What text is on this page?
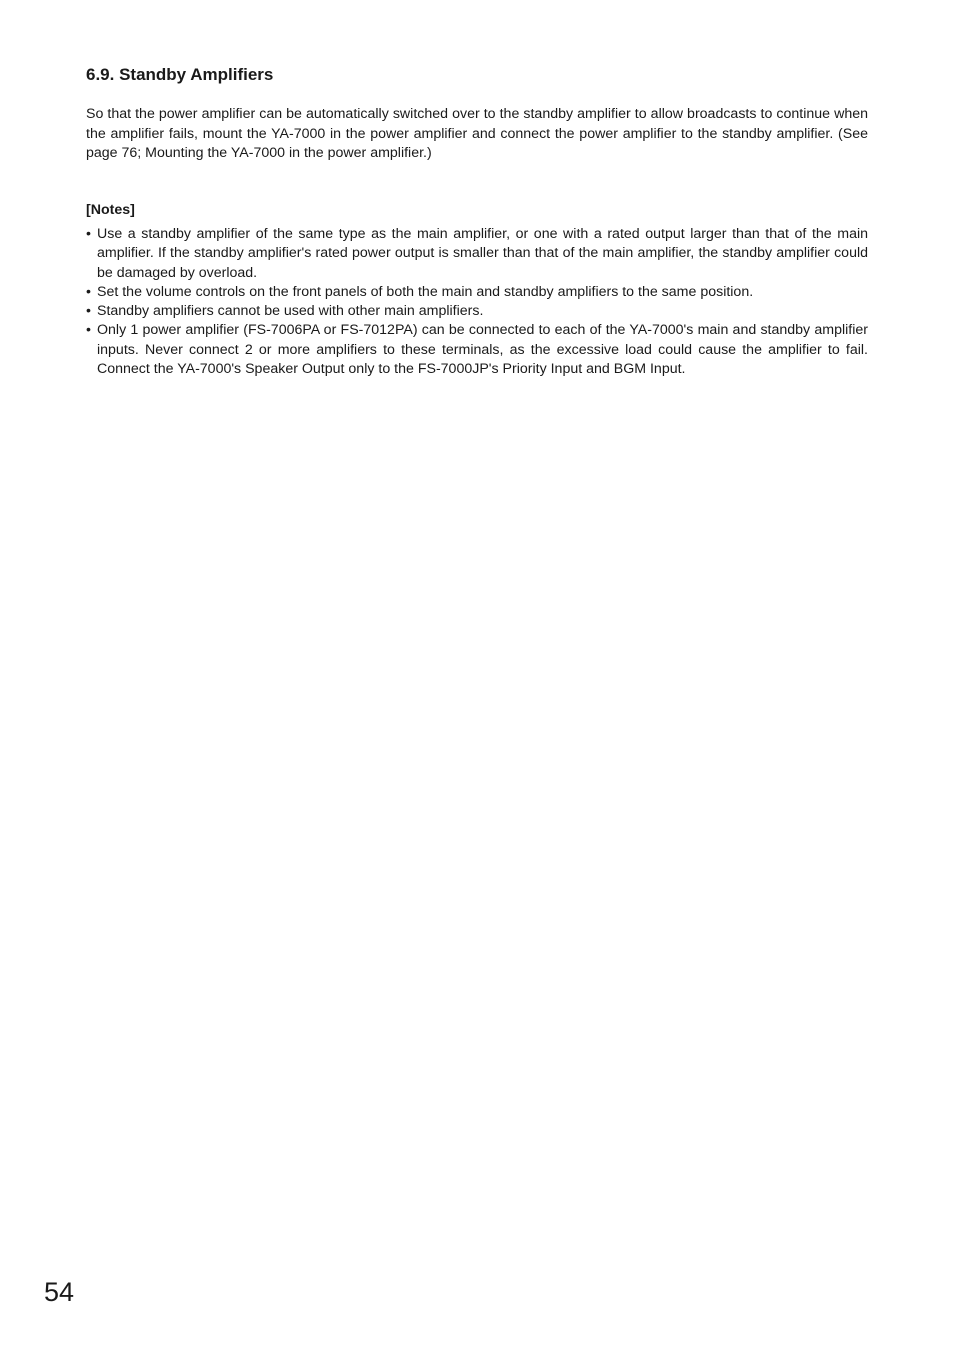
6.9. Standby Amplifiers

So that the power amplifier can be automatically switched over to the standby amplifier to allow broadcasts to continue when the amplifier fails, mount the YA-7000 in the power amplifier and connect the power amplifier to the standby amplifier. (See page 76; Mounting the YA-7000 in the power amplifier.)

[Notes]
• Use a standby amplifier of the same type as the main amplifier, or one with a rated output larger than that of the main amplifier. If the standby amplifier's rated power output is smaller than that of the main amplifier, the standby amplifier could be damaged by overload.
• Set the volume controls on the front panels of both the main and standby amplifiers to the same position.
• Standby amplifiers cannot be used with other main amplifiers.
• Only 1 power amplifier (FS-7006PA or FS-7012PA) can be connected to each of the YA-7000's main and standby amplifier inputs. Never connect 2 or more amplifiers to these terminals, as the excessive load could cause the amplifier to fail. Connect the YA-7000's Speaker Output only to the FS-7000JP's Priority Input and BGM Input.
54
